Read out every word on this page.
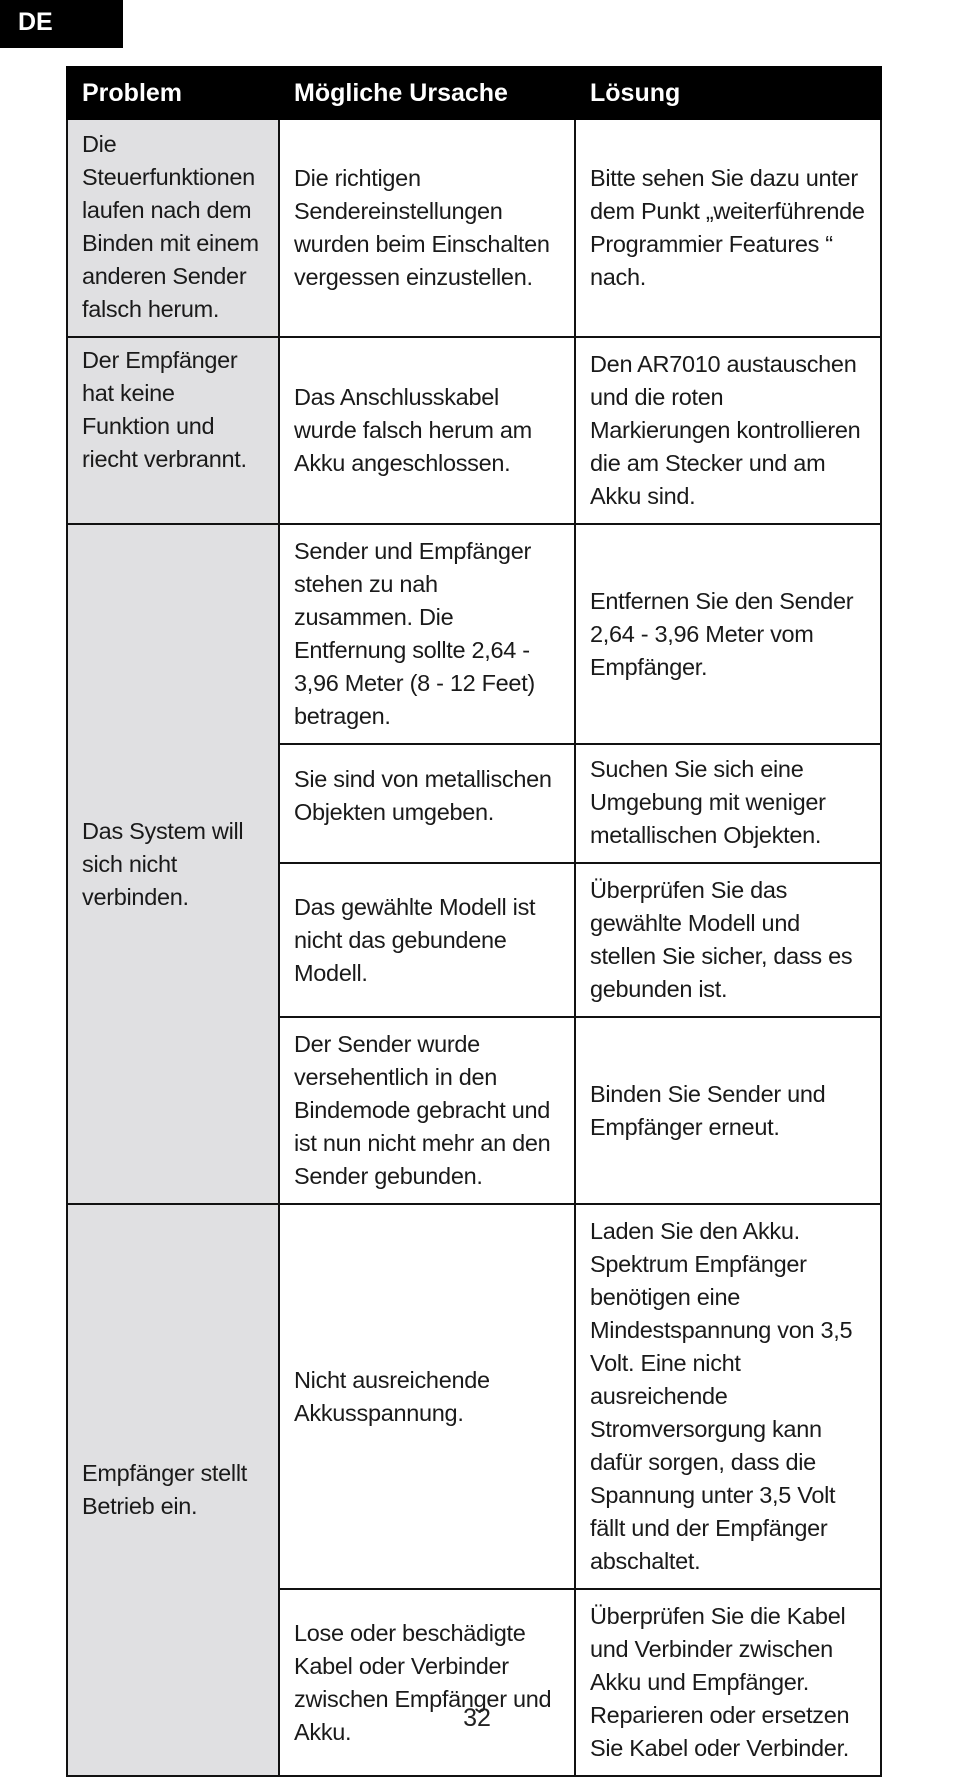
DE
Problem	Mögliche Ursache	Lösung
Die Steuerfunktionen laufen nach dem Binden mit einem anderen Sender falsch herum.	Die richtigen Sendereinstellungen wurden beim Einschalten vergessen einzustellen.	Bitte sehen Sie dazu unter dem Punkt „weiterführende Programmier Features “ nach.
Der Empfänger hat keine Funktion und riecht verbrannt.	Das Anschlusskabel wurde falsch herum am Akku angeschlossen.	Den AR7010 austauschen und die roten Markierungen kontrollieren die am Stecker und am Akku sind.
Das System will sich nicht verbinden.	Sender und Empfänger stehen zu nah zusammen. Die Entfernung sollte 2,64 - 3,96 Meter (8 - 12 Feet) betragen.	Entfernen Sie den Sender 2,64 - 3,96 Meter vom Empfänger.
	Sie sind von metallischen Objekten umgeben.	Suchen Sie sich eine Umgebung mit weniger metallischen Objekten.
	Das gewählte Modell ist nicht das gebundene Modell.	Überprüfen Sie das gewählte Modell und stellen Sie sicher, dass es gebunden ist.
	Der Sender wurde versehentlich in den Bindemode gebracht und ist nun nicht mehr an den Sender gebunden.	Binden Sie Sender und Empfänger erneut.
Empfänger stellt Betrieb ein.	Nicht ausreichende Akkusspannung.	Laden Sie den Akku. Spektrum Empfänger benötigen eine Mindestspannung von 3,5 Volt. Eine nicht ausreichende Stromversorgung kann dafür sorgen, dass die Spannung unter 3,5 Volt fällt und der Empfänger abschaltet.
	Lose oder beschädigte Kabel oder Verbinder zwischen Empfänger und Akku.	Überprüfen Sie die Kabel und Verbinder zwischen Akku und Empfänger. Reparieren oder ersetzen Sie Kabel oder Verbinder.
32
